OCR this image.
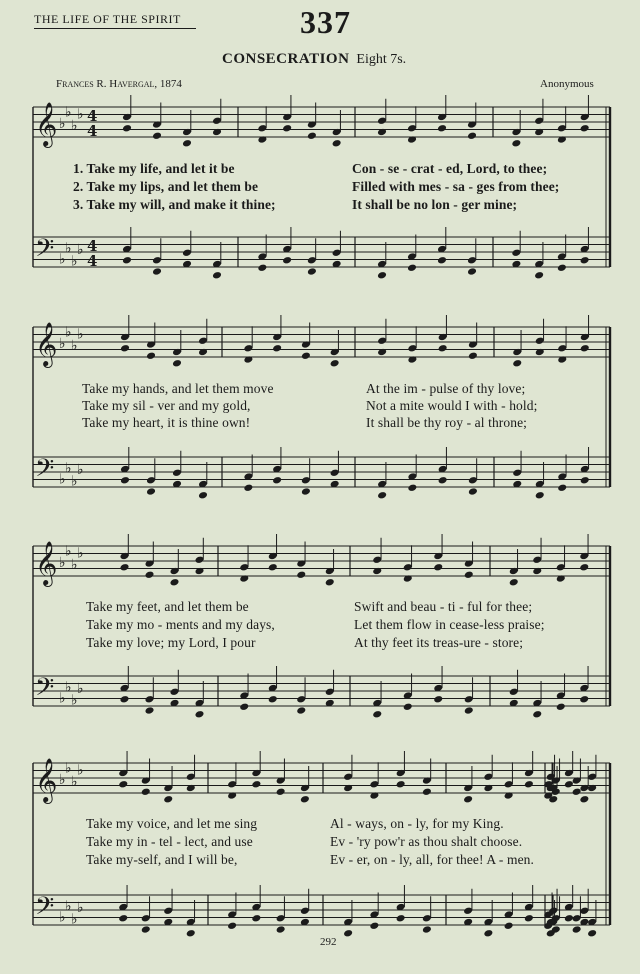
THE LIFE OF THE SPIRIT	337
CONSECRATION Eight 7s.
Frances R. Havergal, 1874	Anonymous
𝄞
𝄢
♭
♭
♭
♭
♭
♭
♭
♭
4
4
4
4
𝄞
𝄢
♭
♭
♭
♭
♭
♭
♭
♭
𝄞
𝄢
♭
♭
♭
♭
♭
♭
♭
♭
𝄞
𝄢
♭
♭
♭
♭
♭
♭
♭
♭
1. Take my life, and let it be	Con - se - crat - ed, Lord, to thee;
2. Take my lips, and let them be	Filled with mes - sa - ges from thee;
3. Take my will, and make it thine;	It shall be no lon - ger mine;
Take my hands, and let them move	At the im - pulse of thy love;
Take my sil - ver and my gold,	Not a mite would I with - hold;
Take my heart, it is thine own!	It shall be thy roy - al throne;
Take my feet, and let them be	Swift and beau - ti - ful for thee;
Take my mo - ments and my days,	Let them flow in cease-less praise;
Take my love; my Lord, I pour	At thy feet its treas-ure - store;
Take my voice, and let me sing	Al - ways, on - ly, for my King.
Take my in - tel - lect, and use	Ev - 'ry pow'r as thou shalt choose.
Take my-self, and I will be,	Ev - er, on - ly, all, for thee! A - men.
292
